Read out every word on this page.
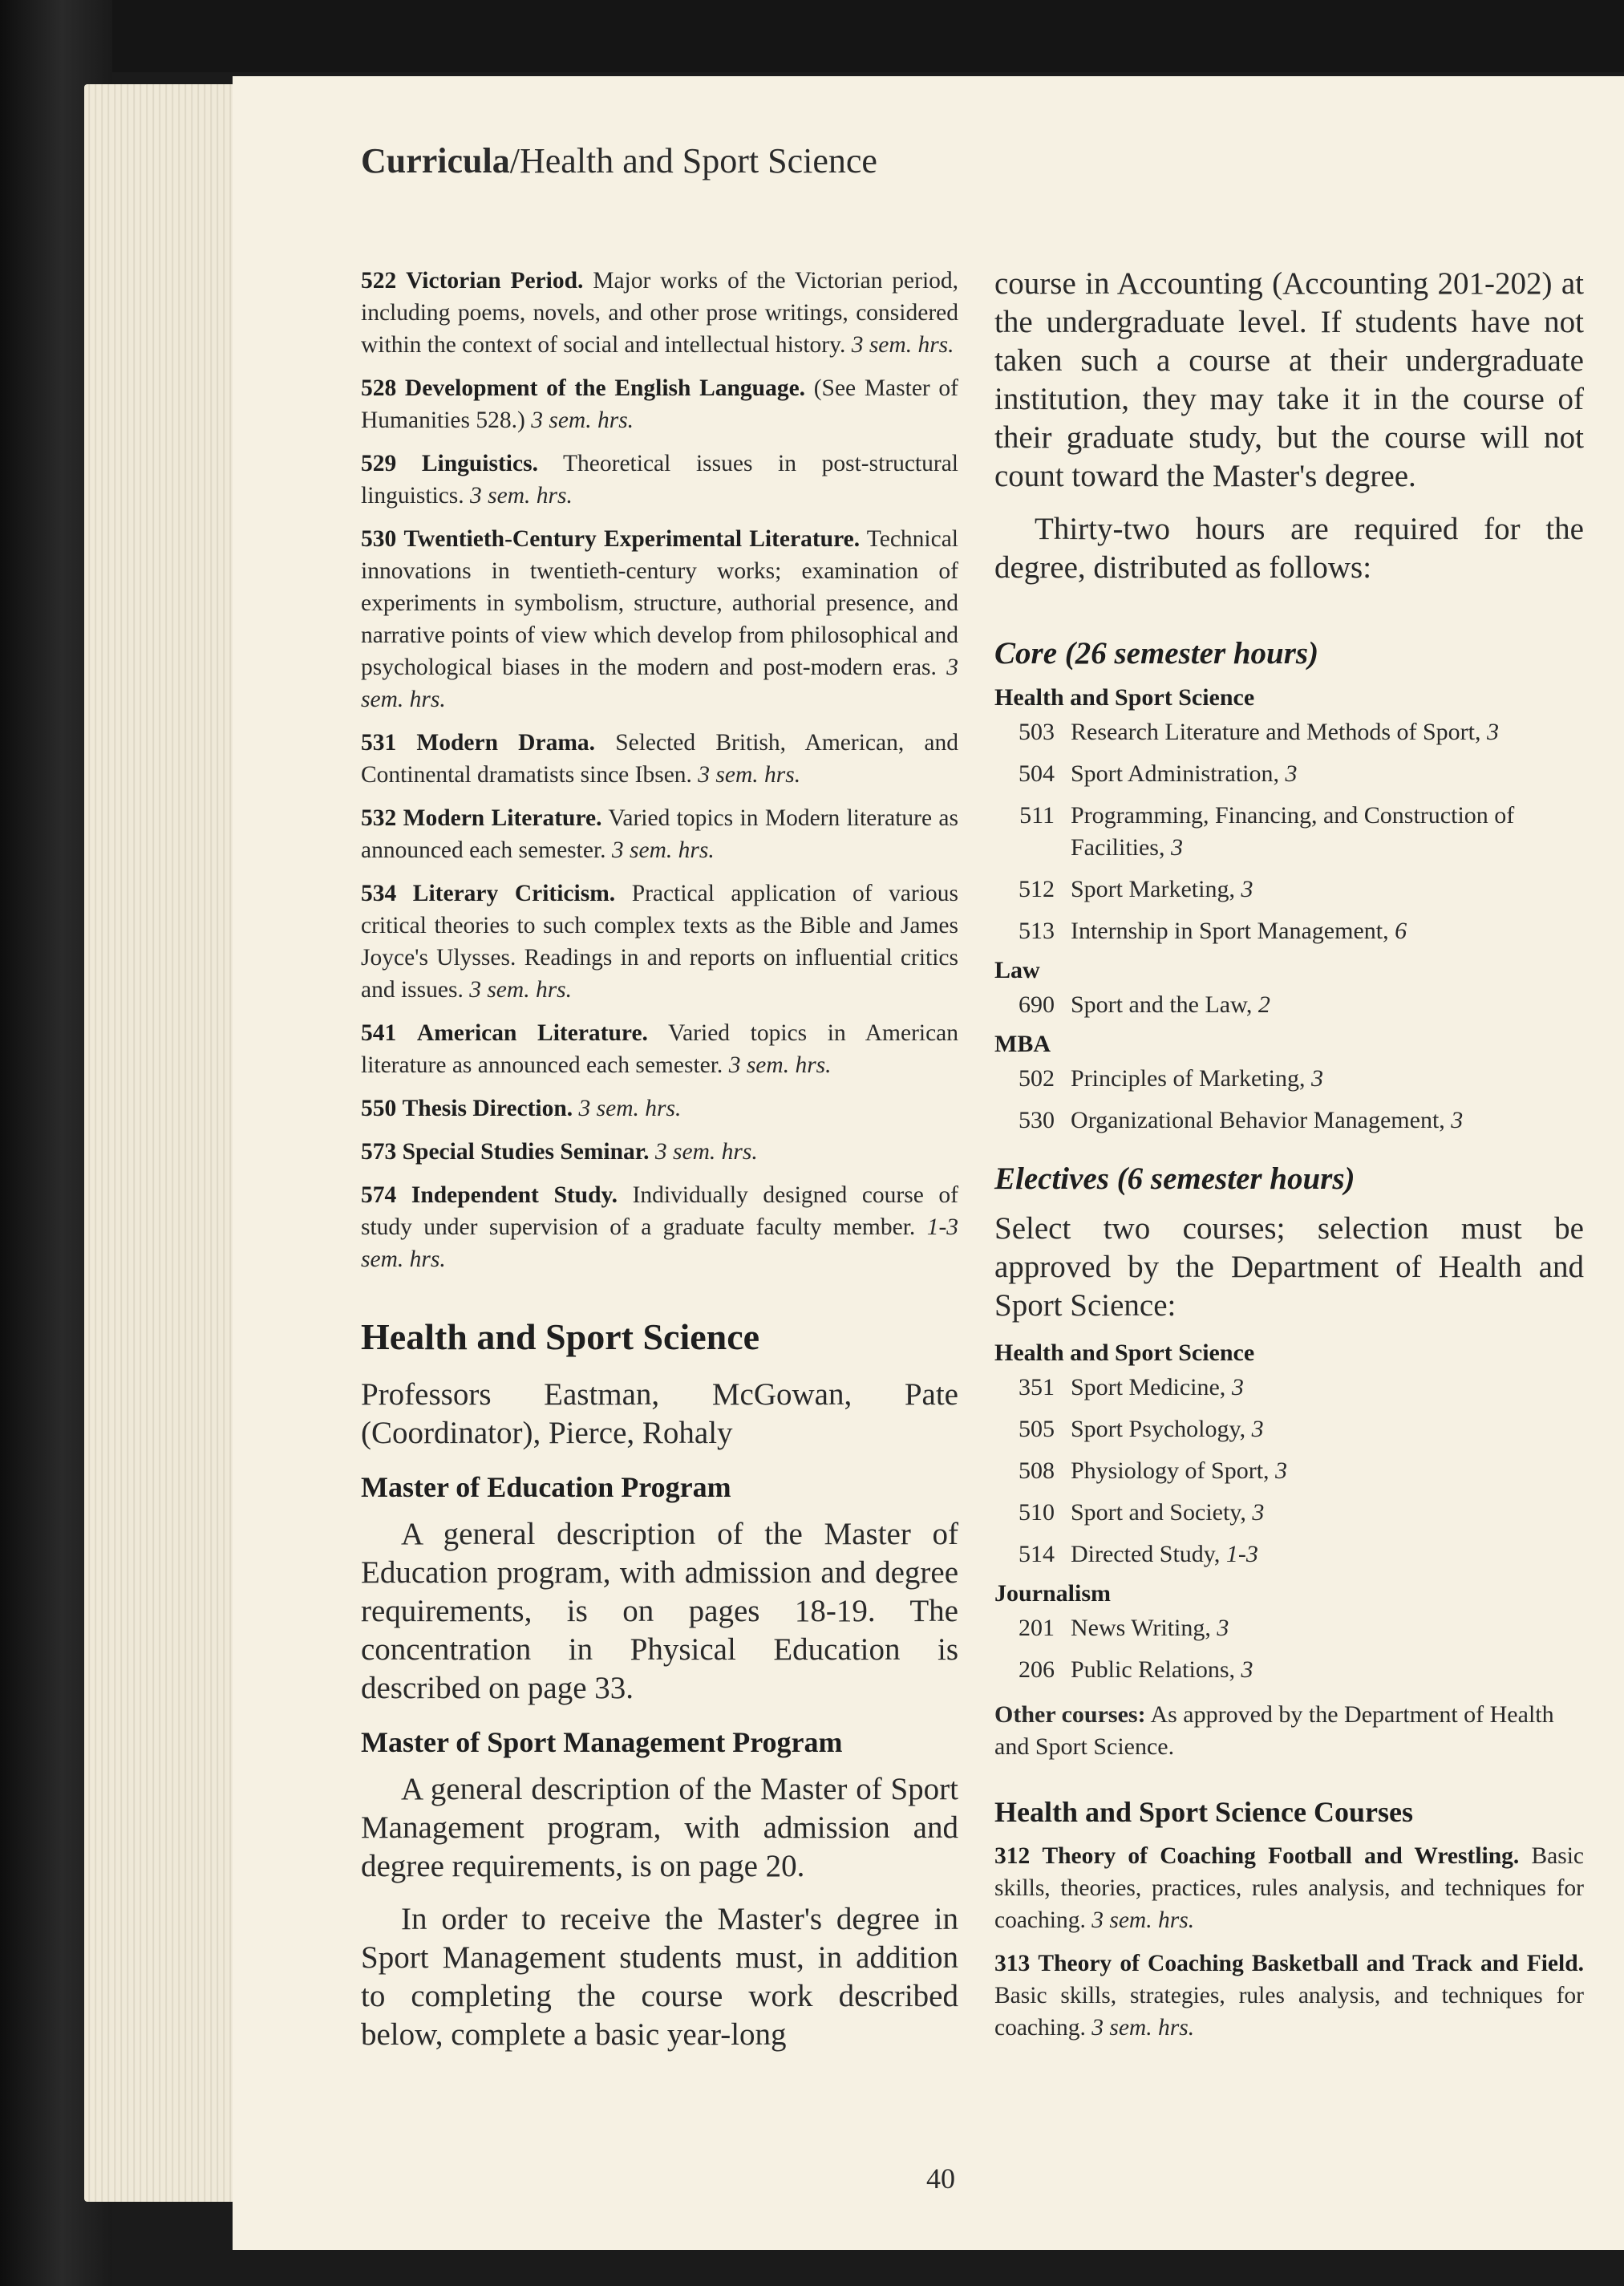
Curricula/Health and Sport Science

522 Victorian Period. Major works of the Victorian period, including poems, novels, and other prose writings, considered within the context of social and intellectual history. 3 sem. hrs.

528 Development of the English Language. (See Master of Humanities 528.) 3 sem. hrs.

529 Linguistics. Theoretical issues in post-structural linguistics. 3 sem. hrs.

530 Twentieth-Century Experimental Literature. Technical innovations in twentieth-century works; examination of experiments in symbolism, structure, authorial presence, and narrative points of view which develop from philosophical and psychological biases in the modern and post-modern eras. 3 sem. hrs.

531 Modern Drama. Selected British, American, and Continental dramatists since Ibsen. 3 sem. hrs.

532 Modern Literature. Varied topics in Modern literature as announced each semester. 3 sem. hrs.

534 Literary Criticism. Practical application of various critical theories to such complex texts as the Bible and James Joyce's Ulysses. Readings in and reports on influential critics and issues. 3 sem. hrs.

541 American Literature. Varied topics in American literature as announced each semester. 3 sem. hrs.

550 Thesis Direction. 3 sem. hrs.

573 Special Studies Seminar. 3 sem. hrs.

574 Independent Study. Individually designed course of study under supervision of a graduate faculty member. 1-3 sem. hrs.

Health and Sport Science

Professors Eastman, McGowan, Pate (Coordinator), Pierce, Rohaly

Master of Education Program

A general description of the Master of Education program, with admission and degree requirements, is on pages 18-19. The concentration in Physical Education is described on page 33.

Master of Sport Management Program

A general description of the Master of Sport Management program, with admission and degree requirements, is on page 20.

In order to receive the Master's degree in Sport Management students must, in addition to completing the course work described below, complete a basic year-long

course in Accounting (Accounting 201-202) at the undergraduate level. If students have not taken such a course at their undergraduate institution, they may take it in the course of their graduate study, but the course will not count toward the Master's degree.

Thirty-two hours are required for the degree, distributed as follows:

Core (26 semester hours)
Health and Sport Science
503 Research Literature and Methods of Sport, 3
504 Sport Administration, 3
511 Programming, Financing, and Construction of Facilities, 3
512 Sport Marketing, 3
513 Internship in Sport Management, 6
Law
690 Sport and the Law, 2
MBA
502 Principles of Marketing, 3
530 Organizational Behavior Management, 3
Electives (6 semester hours)

Select two courses; selection must be approved by the Department of Health and Sport Science:

Health and Sport Science
351 Sport Medicine, 3
505 Sport Psychology, 3
508 Physiology of Sport, 3
510 Sport and Society, 3
514 Directed Study, 1-3
Journalism
201 News Writing, 3
206 Public Relations, 3

Other courses: As approved by the Department of Health and Sport Science.

Health and Sport Science Courses

312 Theory of Coaching Football and Wrestling. Basic skills, theories, practices, rules analysis, and techniques for coaching. 3 sem. hrs.

313 Theory of Coaching Basketball and Track and Field. Basic skills, strategies, rules analysis, and techniques for coaching. 3 sem. hrs.

40
